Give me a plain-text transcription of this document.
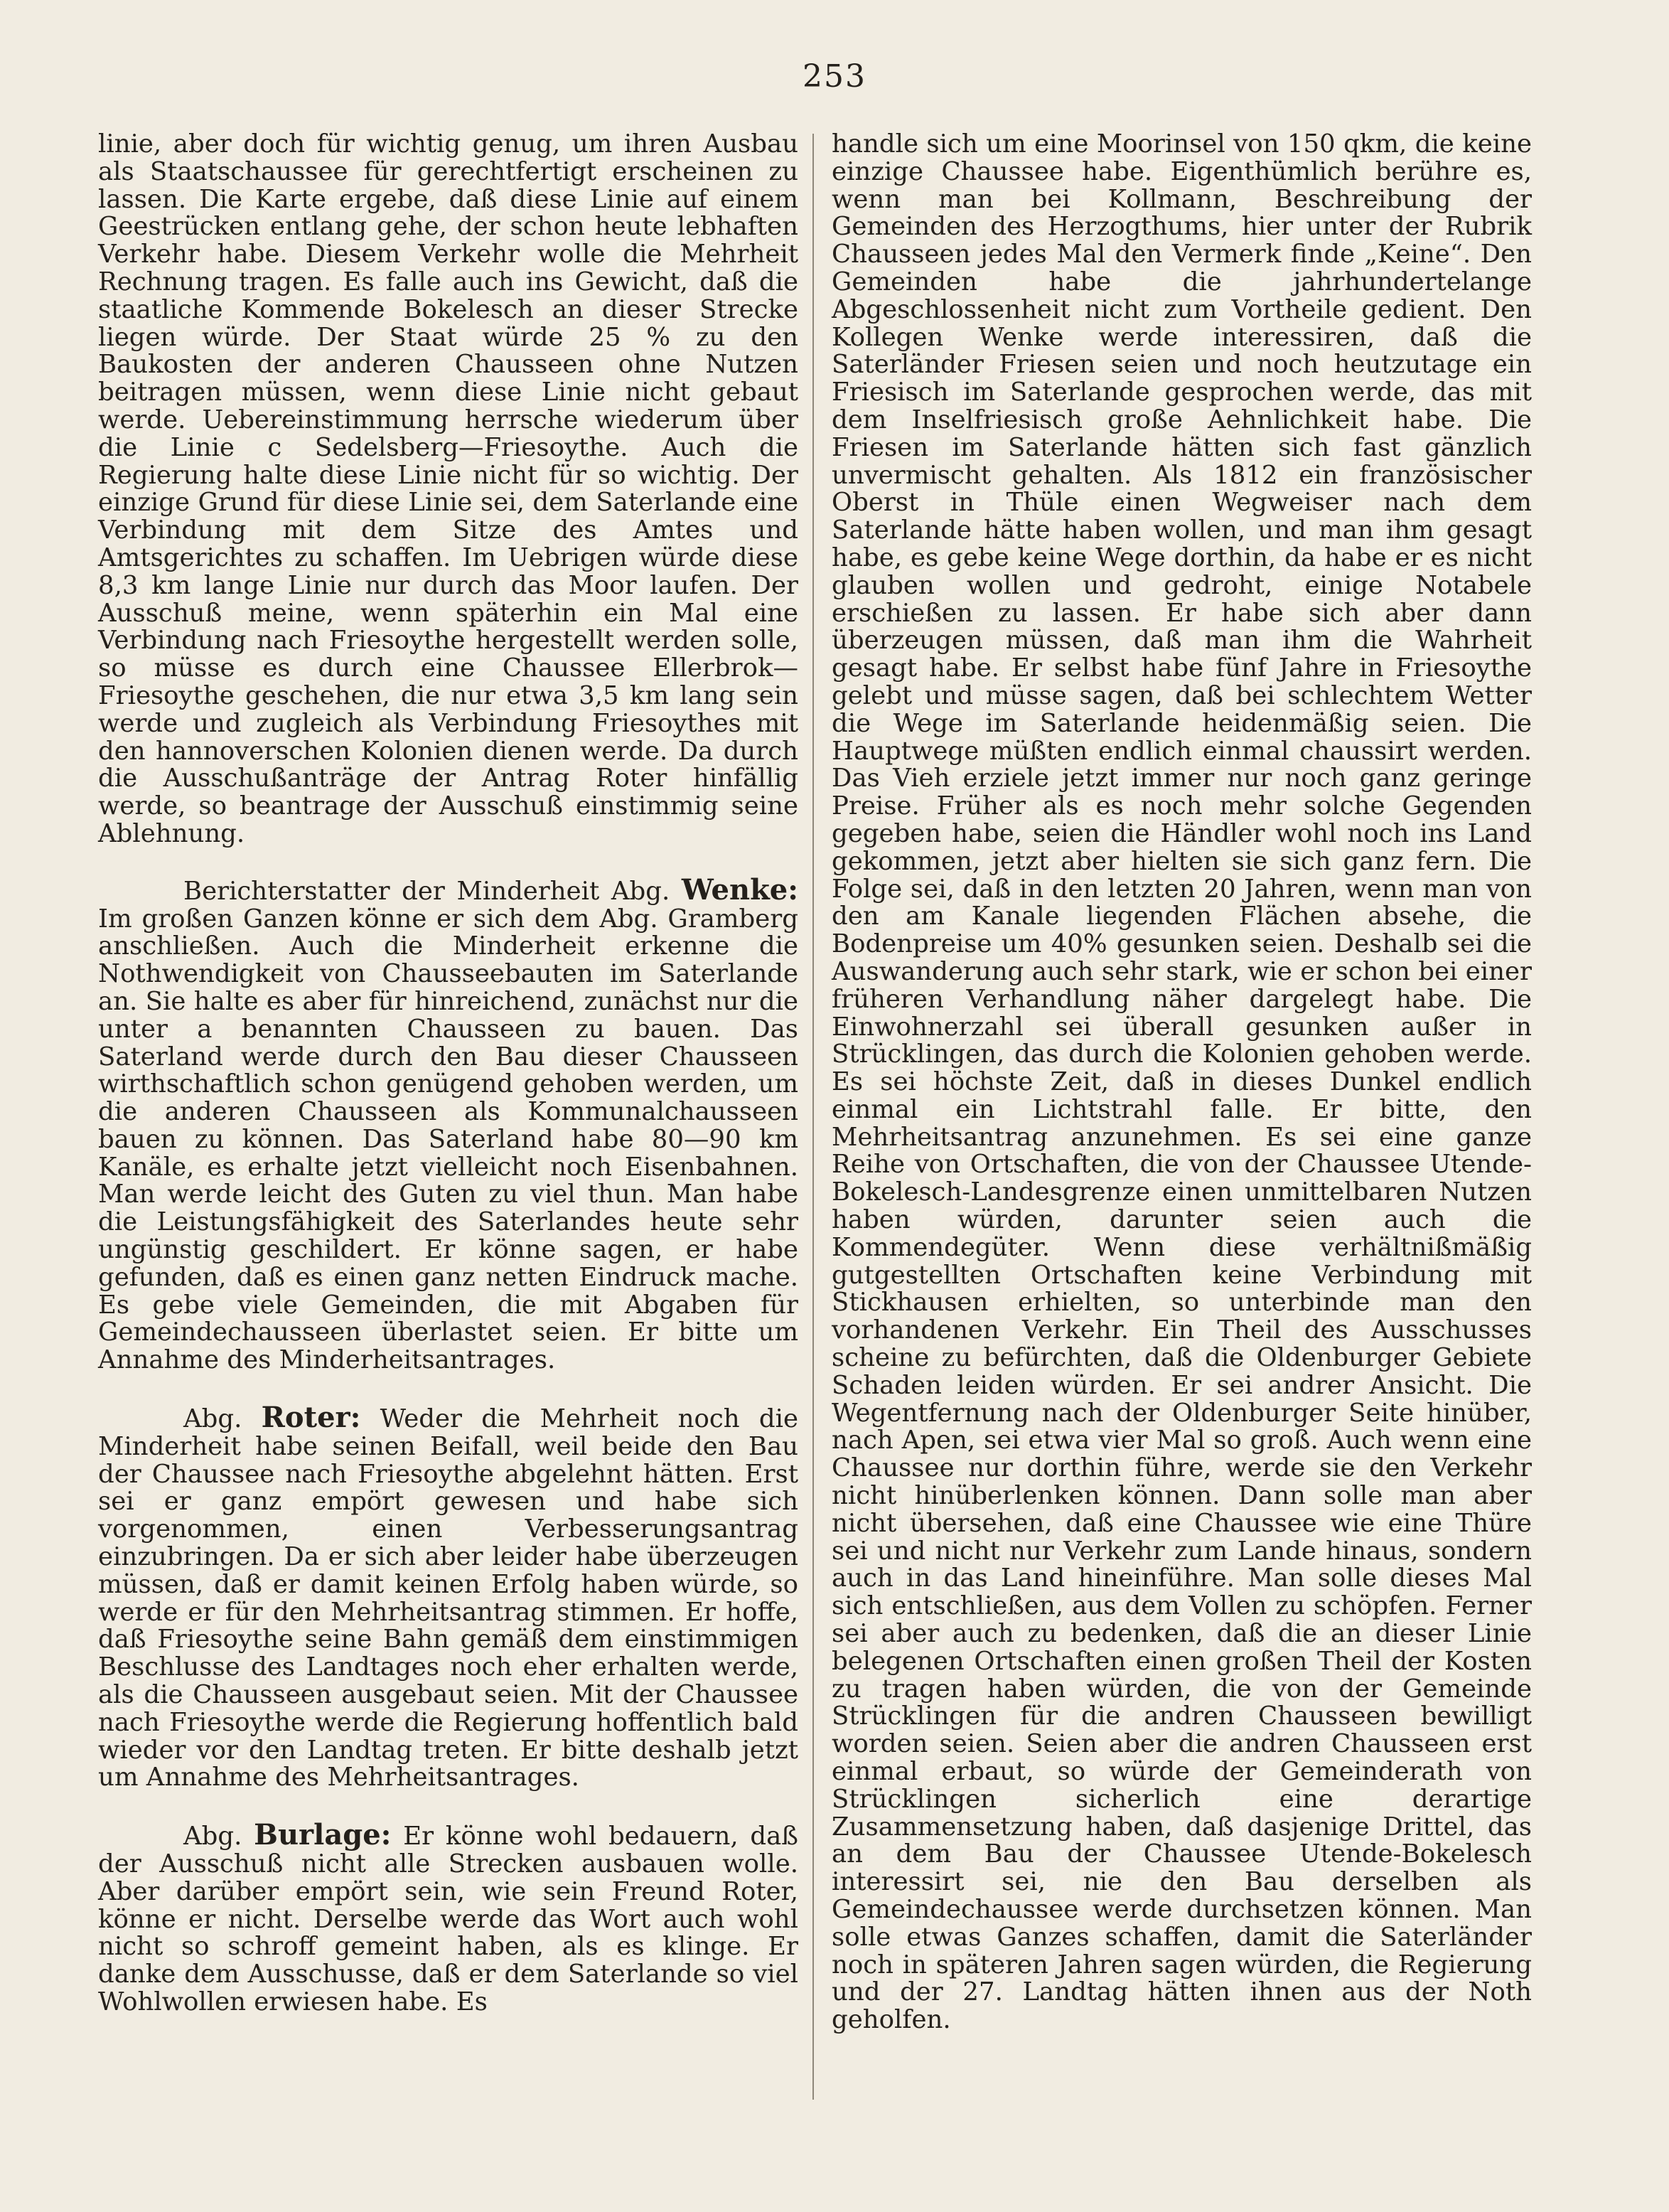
253

linie, aber doch für wichtig genug, um ihren Ausbau als Staatschaussee für gerechtfertigt erscheinen zu lassen. Die Karte ergebe, daß diese Linie auf einem Geestrücken entlang gehe, der schon heute lebhaften Verkehr habe. Diesem Verkehr wolle die Mehrheit Rechnung tragen. Es falle auch ins Gewicht, daß die staatliche Kommende Bokelesch an dieser Strecke liegen würde. Der Staat würde 25 % zu den Baukosten der anderen Chausseen ohne Nutzen beitragen müssen, wenn diese Linie nicht gebaut werde. Uebereinstimmung herrsche wiederum über die Linie c Sedelsberg—Friesoythe. Auch die Regierung halte diese Linie nicht für so wichtig. Der einzige Grund für diese Linie sei, dem Saterlande eine Verbindung mit dem Sitze des Amtes und Amtsgerichtes zu schaffen. Im Uebrigen würde diese 8,3 km lange Linie nur durch das Moor laufen. Der Ausschuß meine, wenn späterhin ein Mal eine Verbindung nach Friesoythe hergestellt werden solle, so müsse es durch eine Chaussee Ellerbrok—Friesoythe geschehen, die nur etwa 3,5 km lang sein werde und zugleich als Verbindung Friesoythes mit den hannoverschen Kolonien dienen werde. Da durch die Ausschußanträge der Antrag Roter hinfällig werde, so beantrage der Ausschuß einstimmig seine Ablehnung.

Berichterstatter der Minderheit Abg. Wenke: Im großen Ganzen könne er sich dem Abg. Gramberg anschließen. Auch die Minderheit erkenne die Nothwendigkeit von Chausseebauten im Saterlande an. Sie halte es aber für hinreichend, zunächst nur die unter a benannten Chausseen zu bauen. Das Saterland werde durch den Bau dieser Chausseen wirthschaftlich schon genügend gehoben werden, um die anderen Chausseen als Kommunalchausseen bauen zu können. Das Saterland habe 80—90 km Kanäle, es erhalte jetzt vielleicht noch Eisenbahnen. Man werde leicht des Guten zu viel thun. Man habe die Leistungsfähigkeit des Saterlandes heute sehr ungünstig geschildert. Er könne sagen, er habe gefunden, daß es einen ganz netten Eindruck mache. Es gebe viele Gemeinden, die mit Abgaben für Gemeindechausseen überlastet seien. Er bitte um Annahme des Minderheitsantrages.

Abg. Roter: Weder die Mehrheit noch die Minderheit habe seinen Beifall, weil beide den Bau der Chaussee nach Friesoythe abgelehnt hätten. Erst sei er ganz empört gewesen und habe sich vorgenommen, einen Verbesserungsantrag einzubringen. Da er sich aber leider habe überzeugen müssen, daß er damit keinen Erfolg haben würde, so werde er für den Mehrheitsantrag stimmen. Er hoffe, daß Friesoythe seine Bahn gemäß dem einstimmigen Beschlusse des Landtages noch eher erhalten werde, als die Chausseen ausgebaut seien. Mit der Chaussee nach Friesoythe werde die Regierung hoffentlich bald wieder vor den Landtag treten. Er bitte deshalb jetzt um Annahme des Mehrheitsantrages.

Abg. Burlage: Er könne wohl bedauern, daß der Ausschuß nicht alle Strecken ausbauen wolle. Aber darüber empört sein, wie sein Freund Roter, könne er nicht. Derselbe werde das Wort auch wohl nicht so schroff gemeint haben, als es klinge. Er danke dem Ausschusse, daß er dem Saterlande so viel Wohlwollen erwiesen habe. Es

handle sich um eine Moorinsel von 150 qkm, die keine einzige Chaussee habe. Eigenthümlich berühre es, wenn man bei Kollmann, Beschreibung der Gemeinden des Herzogthums, hier unter der Rubrik Chausseen jedes Mal den Vermerk finde „Keine“. Den Gemeinden habe die jahrhundertelange Abgeschlossenheit nicht zum Vortheile gedient. Den Kollegen Wenke werde interessiren, daß die Saterländer Friesen seien und noch heutzutage ein Friesisch im Saterlande gesprochen werde, das mit dem Inselfriesisch große Aehnlichkeit habe. Die Friesen im Saterlande hätten sich fast gänzlich unvermischt gehalten. Als 1812 ein französischer Oberst in Thüle einen Wegweiser nach dem Saterlande hätte haben wollen, und man ihm gesagt habe, es gebe keine Wege dorthin, da habe er es nicht glauben wollen und gedroht, einige Notabele erschießen zu lassen. Er habe sich aber dann überzeugen müssen, daß man ihm die Wahrheit gesagt habe. Er selbst habe fünf Jahre in Friesoythe gelebt und müsse sagen, daß bei schlechtem Wetter die Wege im Saterlande heidenmäßig seien. Die Hauptwege müßten endlich einmal chaussirt werden. Das Vieh erziele jetzt immer nur noch ganz geringe Preise. Früher als es noch mehr solche Gegenden gegeben habe, seien die Händler wohl noch ins Land gekommen, jetzt aber hielten sie sich ganz fern. Die Folge sei, daß in den letzten 20 Jahren, wenn man von den am Kanale liegenden Flächen absehe, die Bodenpreise um 40% gesunken seien. Deshalb sei die Auswanderung auch sehr stark, wie er schon bei einer früheren Verhandlung näher dargelegt habe. Die Einwohnerzahl sei überall gesunken außer in Strücklingen, das durch die Kolonien gehoben werde. Es sei höchste Zeit, daß in dieses Dunkel endlich einmal ein Lichtstrahl falle. Er bitte, den Mehrheitsantrag anzunehmen. Es sei eine ganze Reihe von Ortschaften, die von der Chaussee Utende-Bokelesch-Landesgrenze einen unmittelbaren Nutzen haben würden, darunter seien auch die Kommendegüter. Wenn diese verhältnißmäßig gutgestellten Ortschaften keine Verbindung mit Stickhausen erhielten, so unterbinde man den vorhandenen Verkehr. Ein Theil des Ausschusses scheine zu befürchten, daß die Oldenburger Gebiete Schaden leiden würden. Er sei andrer Ansicht. Die Wegentfernung nach der Oldenburger Seite hinüber, nach Apen, sei etwa vier Mal so groß. Auch wenn eine Chaussee nur dorthin führe, werde sie den Verkehr nicht hinüberlenken können. Dann solle man aber nicht übersehen, daß eine Chaussee wie eine Thüre sei und nicht nur Verkehr zum Lande hinaus, sondern auch in das Land hineinführe. Man solle dieses Mal sich entschließen, aus dem Vollen zu schöpfen. Ferner sei aber auch zu bedenken, daß die an dieser Linie belegenen Ortschaften einen großen Theil der Kosten zu tragen haben würden, die von der Gemeinde Strücklingen für die andren Chausseen bewilligt worden seien. Seien aber die andren Chausseen erst einmal erbaut, so würde der Gemeinderath von Strücklingen sicherlich eine derartige Zusammensetzung haben, daß dasjenige Drittel, das an dem Bau der Chaussee Utende-Bokelesch interessirt sei, nie den Bau derselben als Gemeindechaussee werde durchsetzen können. Man solle etwas Ganzes schaffen, damit die Saterländer noch in späteren Jahren sagen würden, die Regierung und der 27. Landtag hätten ihnen aus der Noth geholfen.
